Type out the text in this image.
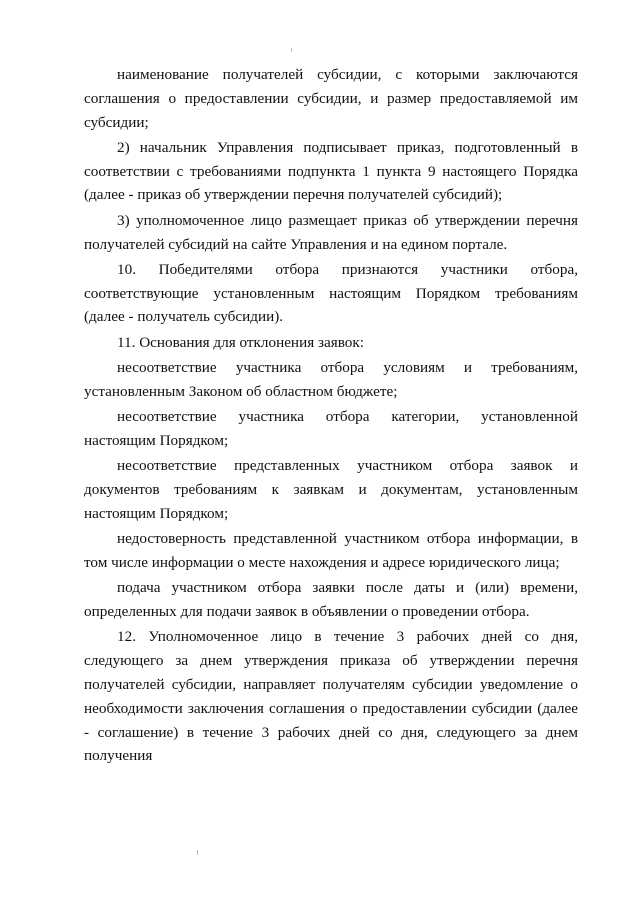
наименование получателей субсидии, с которыми заключаются соглашения о предоставлении субсидии, и размер предоставляемой им субсидии;

2) начальник Управления подписывает приказ, подготовленный в соответствии с требованиями подпункта 1 пункта 9 настоящего Порядка (далее - приказ об утверждении перечня получателей субсидий);

3) уполномоченное лицо размещает приказ об утверждении перечня получателей субсидий на сайте Управления и на едином портале.

10. Победителями отбора признаются участники отбора, соответствующие установленным настоящим Порядком требованиям (далее - получатель субсидии).

11. Основания для отклонения заявок:

несоответствие участника отбора условиям и требованиям, установленным Законом об областном бюджете;

несоответствие участника отбора категории, установленной настоящим Порядком;

несоответствие представленных участником отбора заявок и документов требованиям к заявкам и документам, установленным настоящим Порядком;

недостоверность представленной участником отбора информации, в том числе информации о месте нахождения и адресе юридического лица;

подача участником отбора заявки после даты и (или) времени, определенных для подачи заявок в объявлении о проведении отбора.

12. Уполномоченное лицо в течение 3 рабочих дней со дня, следующего за днем утверждения приказа об утверждении перечня получателей субсидии, направляет получателям субсидии уведомление о необходимости заключения соглашения о предоставлении субсидии (далее - соглашение) в течение 3 рабочих дней со дня, следующего за днем получения
